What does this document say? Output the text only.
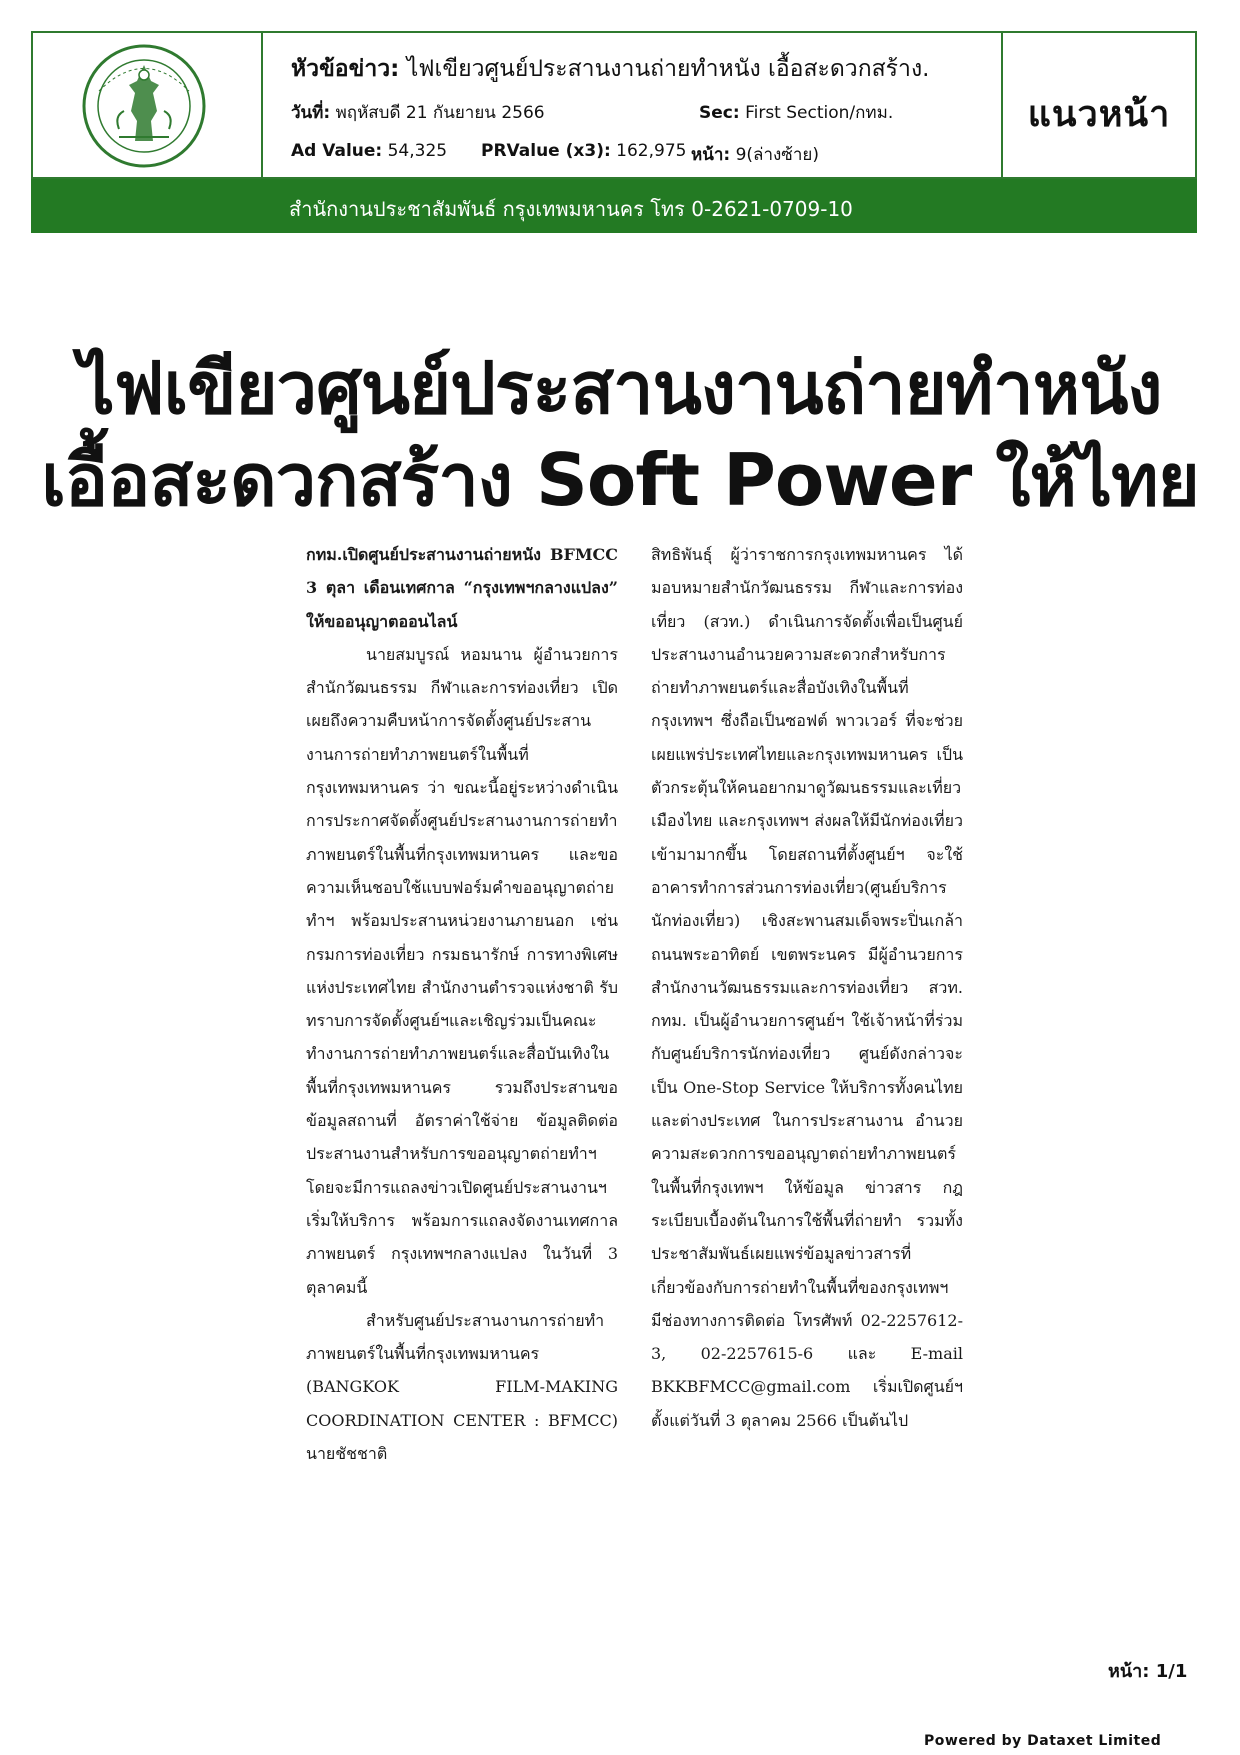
หัวข้อข่าว: ไฟเขียวศูนย์ประสานงานถ่ายทำหนัง เอื้อสะดวกสร้าง.
วันที่: พฤหัสบดี 21 กันยายน 2566	Sec: First Section/กทม.
Ad Value: 54,325 PRValue (x3): 162,975 หน้า: 9(ล่างซ้าย)
แนวหน้า
สำนักงานประชาสัมพันธ์ กรุงเทพมหานคร โทร 0-2621-0709-10
ไฟเขียวศูนย์ประสานงานถ่ายทำหนัง
เอื้อสะดวกสร้าง Soft Power ให้ไทย

กทม.เปิดศูนย์ประสานงานถ่ายหนัง BFMCC 3 ตุลา เดือนเทศกาล “กรุงเทพฯกลางแปลง” ให้ขออนุญาตออนไลน์

นายสมบูรณ์ หอมนาน ผู้อำนวยการสำนักวัฒนธรรม กีฬาและการท่องเที่ยว เปิดเผยถึงความคืบหน้าการจัดตั้งศูนย์ประสานงานการถ่ายทำภาพยนตร์ในพื้นที่กรุงเทพมหานคร ว่า ขณะนี้อยู่ระหว่างดำเนินการประกาศจัดตั้งศูนย์ประสานงานการถ่ายทำภาพยนตร์ในพื้นที่กรุงเทพมหานคร และขอความเห็นชอบใช้แบบฟอร์มคำขออนุญาตถ่ายทำฯ พร้อมประสานหน่วยงานภายนอก เช่น กรมการท่องเที่ยว กรมธนารักษ์ การทางพิเศษแห่งประเทศไทย สำนักงานตำรวจแห่งชาติ รับทราบการจัดตั้งศูนย์ฯและเชิญร่วมเป็นคณะทำงานการถ่ายทำภาพยนตร์และสื่อบันเทิงในพื้นที่กรุงเทพมหานคร รวมถึงประสานขอข้อมูลสถานที่ อัตราค่าใช้จ่าย ข้อมูลติดต่อประสานงานสำหรับการขออนุญาตถ่ายทำฯ โดยจะมีการแถลงข่าวเปิดศูนย์ประสานงานฯ เริ่มให้บริการ พร้อมการแถลงจัดงานเทศกาลภาพยนตร์ กรุงเทพฯกลางแปลง ในวันที่ 3 ตุลาคมนี้

สำหรับศูนย์ประสานงานการถ่ายทำภาพยนตร์ในพื้นที่กรุงเทพมหานคร (BANGKOK FILM-MAKING COORDINATION CENTER : BFMCC) นายชัชชาติ

สิทธิพันธุ์ ผู้ว่าราชการกรุงเทพมหานคร ได้มอบหมายสำนักวัฒนธรรม กีฬาและการท่องเที่ยว (สวท.) ดำเนินการจัดตั้งเพื่อเป็นศูนย์ประสานงานอำนวยความสะดวกสำหรับการถ่ายทำภาพยนตร์และสื่อบังเทิงในพื้นที่กรุงเทพฯ ซึ่งถือเป็นซอฟต์ พาวเวอร์ ที่จะช่วยเผยแพร่ประเทศไทยและกรุงเทพมหานคร เป็นตัวกระตุ้นให้คนอยากมาดูวัฒนธรรมและเที่ยวเมืองไทย และกรุงเทพฯ ส่งผลให้มีนักท่องเที่ยวเข้ามามากขึ้น โดยสถานที่ตั้งศูนย์ฯ จะใช้อาคารทำการส่วนการท่องเที่ยว(ศูนย์บริการนักท่องเที่ยว) เชิงสะพานสมเด็จพระปิ่นเกล้า ถนนพระอาทิตย์ เขตพระนคร มีผู้อำนวยการสำนักงานวัฒนธรรมและการท่องเที่ยว สวท. กทม. เป็นผู้อำนวยการศูนย์ฯ ใช้เจ้าหน้าที่ร่วมกับศูนย์บริการนักท่องเที่ยว ศูนย์ดังกล่าวจะเป็น One-Stop Service ให้บริการทั้งคนไทยและต่างประเทศ ในการประสานงาน อำนวยความสะดวกการขออนุญาตถ่ายทำภาพยนตร์ในพื้นที่กรุงเทพฯ ให้ข้อมูล ข่าวสาร กฎ ระเบียบเบื้องต้นในการใช้พื้นที่ถ่ายทำ รวมทั้งประชาสัมพันธ์เผยแพร่ข้อมูลข่าวสารที่เกี่ยวข้องกับการถ่ายทำในพื้นที่ของกรุงเทพฯ มีช่องทางการติดต่อ โทรศัพท์ 02-2257612-3, 02-2257615-6 และ E-mail BKKBFMCC@gmail.com เริ่มเปิดศูนย์ฯ ตั้งแต่วันที่ 3 ตุลาคม 2566 เป็นต้นไป

หน้า: 1/1
Powered by Dataxet Limited
